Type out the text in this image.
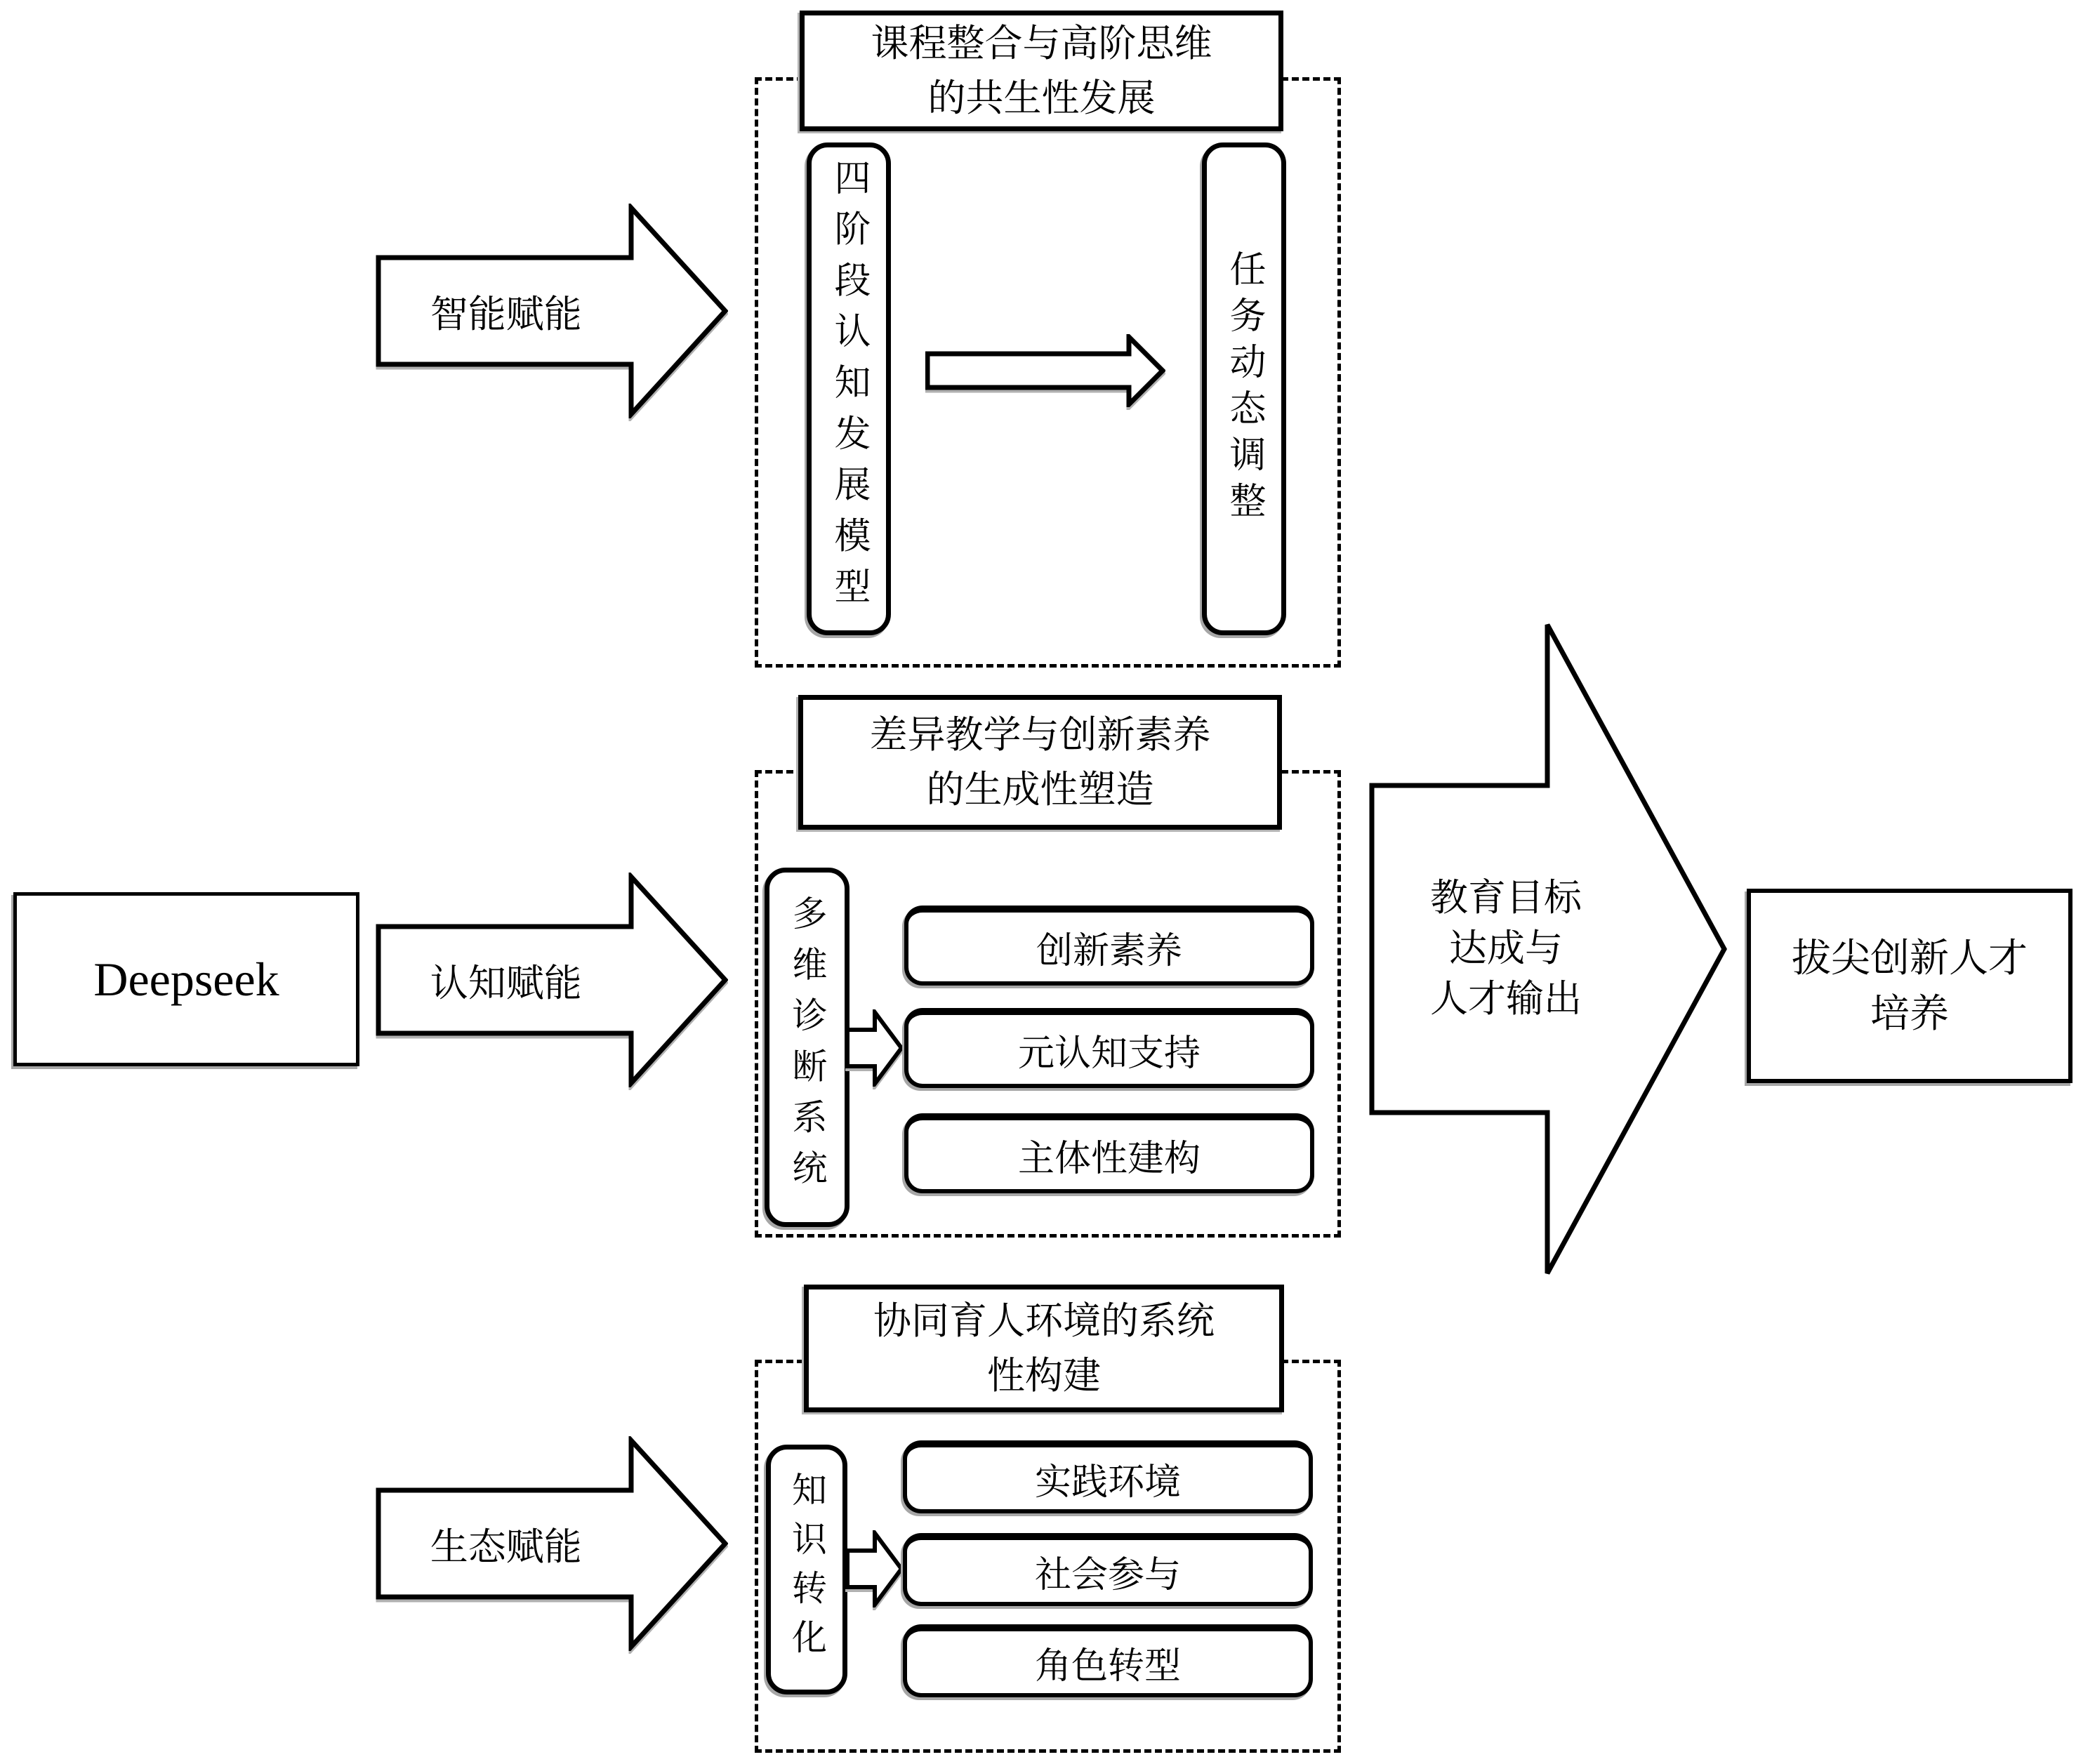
Deepseek
智能赋能
认知赋能
生态赋能
课程整合与高阶思维
的共生性发展
四阶段认知发展模型	任务动态调整
差异教学与创新素养
的生成性塑造
多维诊断系统	创新素养
元认知支持
主体性建构
协同育人环境的系统
性构建
知识转化	实践环境
社会参与
角色转型
教育目标
达成与
人才输出
拔尖创新人才
培养
